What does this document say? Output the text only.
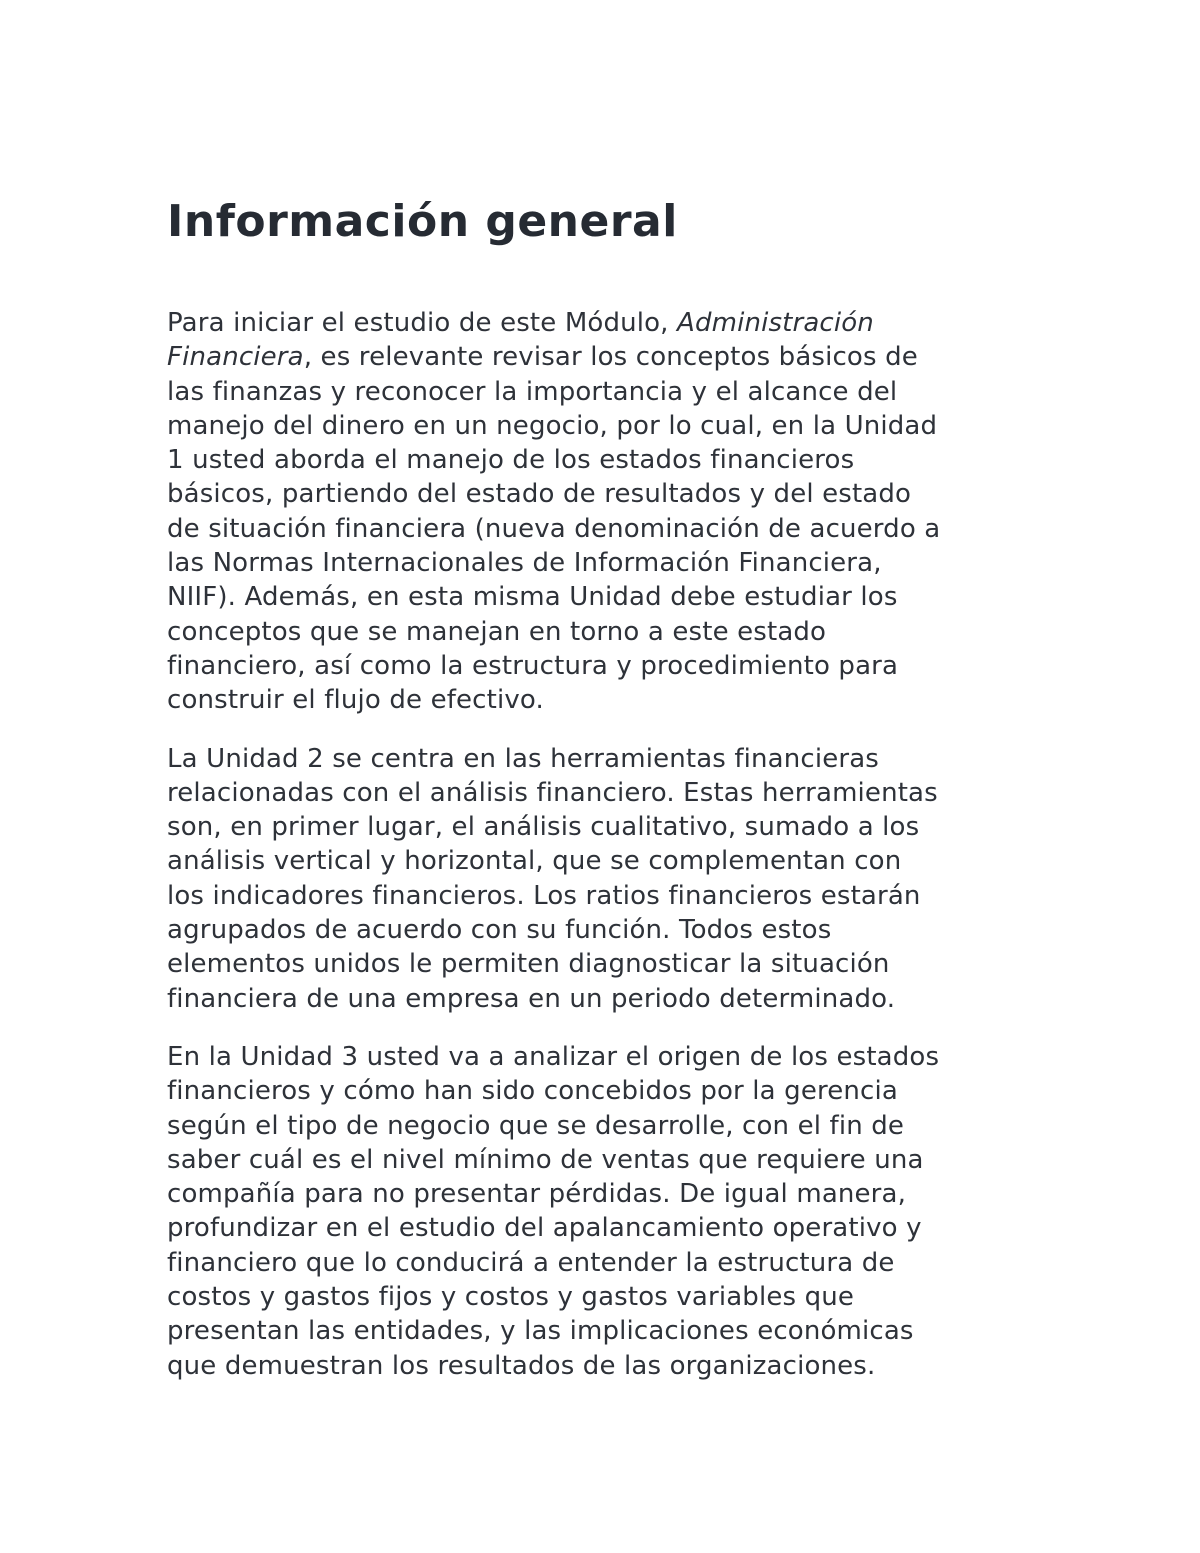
Información general

Para iniciar el estudio de este Módulo, Administración
Financiera, es relevante revisar los conceptos básicos de
las finanzas y reconocer la importancia y el alcance del
manejo del dinero en un negocio, por lo cual, en la Unidad
1 usted aborda el manejo de los estados financieros
básicos, partiendo del estado de resultados y del estado
de situación financiera (nueva denominación de acuerdo a
las Normas Internacionales de Información Financiera,
NIIF). Además, en esta misma Unidad debe estudiar los
conceptos que se manejan en torno a este estado
financiero, así como la estructura y procedimiento para
construir el flujo de efectivo.

La Unidad 2 se centra en las herramientas financieras
relacionadas con el análisis financiero. Estas herramientas
son, en primer lugar, el análisis cualitativo, sumado a los
análisis vertical y horizontal, que se complementan con
los indicadores financieros. Los ratios financieros estarán
agrupados de acuerdo con su función. Todos estos
elementos unidos le permiten diagnosticar la situación
financiera de una empresa en un periodo determinado.

En la Unidad 3 usted va a analizar el origen de los estados
financieros y cómo han sido concebidos por la gerencia
según el tipo de negocio que se desarrolle, con el fin de
saber cuál es el nivel mínimo de ventas que requiere una
compañía para no presentar pérdidas. De igual manera,
profundizar en el estudio del apalancamiento operativo y
financiero que lo conducirá a entender la estructura de
costos y gastos fijos y costos y gastos variables que
presentan las entidades, y las implicaciones económicas
que demuestran los resultados de las organizaciones.
